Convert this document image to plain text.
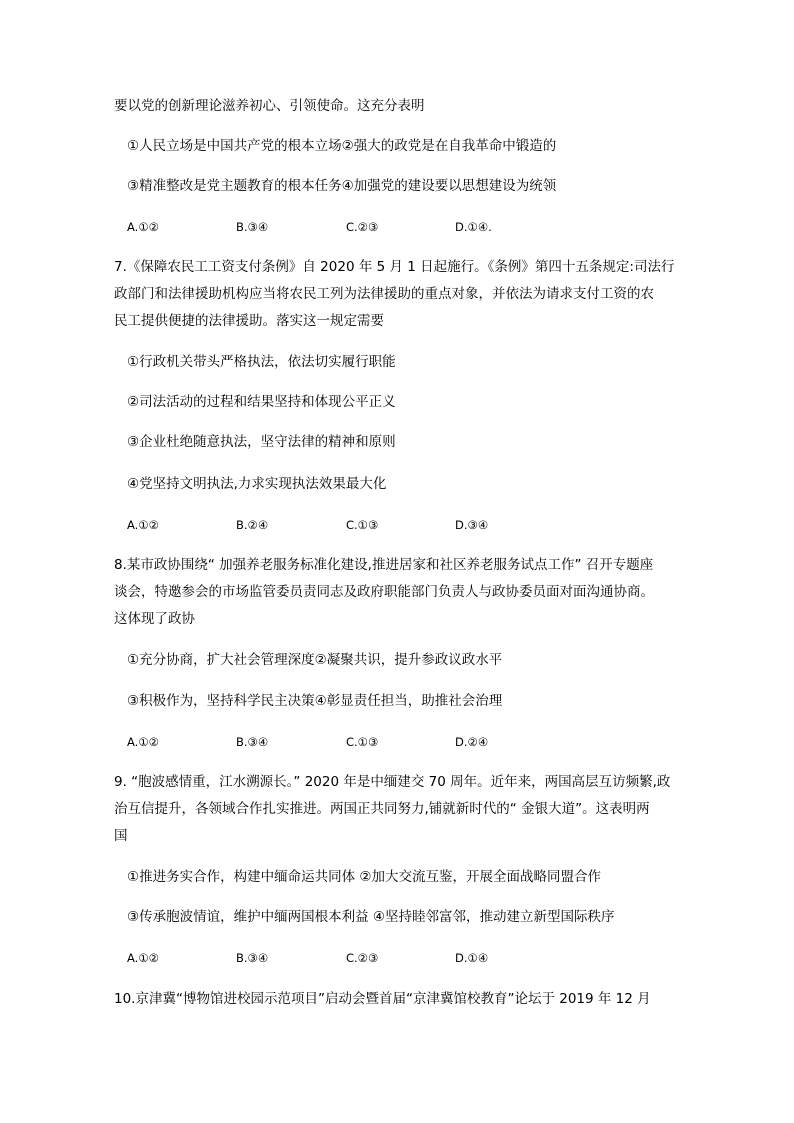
要以党的创新理论滋养初心、引领使命。这充分表明
①人民立场是中国共产党的根本立场②强大的政党是在自我革命中锻造的
③精准整改是党主题教育的根本任务④加强党的建设要以思想建设为统领
A.①②	B.③④	C.②③	D.①④.
7.《保障农民工工资支付条例》自 2020 年 5 月 1 日起施行。《条例》第四十五条规定:司法行
政部门和法律援助机构应当将农民工列为法律援助的重点对象，并依法为请求支付工资的农
民工提供便捷的法律援助。落实这一规定需要
①行政机关带头严格执法，依法切实履行职能
②司法活动的过程和结果坚持和体现公平正义
③企业杜绝随意执法，坚守法律的精神和原则
④党坚持文明执法,力求实现执法效果最大化
A.①②	B.②④	C.①③	D.③④
8.某市政协围绕“ 加强养老服务标准化建设,推进居家和社区养老服务试点工作” 召开专题座
谈会，特邀参会的市场监管委员责同志及政府职能部门负责人与政协委员面对面沟通协商。
这体现了政协
①充分协商，扩大社会管理深度②凝聚共识，提升参政议政水平
③积极作为，坚持科学民主决策④彰显责任担当，助推社会治理
A.①②	B.③④	C.①③	D.②④
9. “胞波感情重，江水溯源长。” 2020 年是中缅建交 70 周年。近年来，两国高层互访频繁,政
治互信提升，各领域合作扎实推进。两国正共同努力,铺就新时代的“ 金银大道”。这表明两
国
①推进务实合作，构建中缅命运共同体 ②加大交流互鉴，开展全面战略同盟合作
③传承胞波情谊，维护中缅两国根本利益 ④坚持睦邻富邻，推动建立新型国际秩序
A.①②	B.③④	C.②③	D.①④
10.京津冀“博物馆进校园示范项目”启动会暨首届“京津冀馆校教育”论坛于 2019 年 12 月
